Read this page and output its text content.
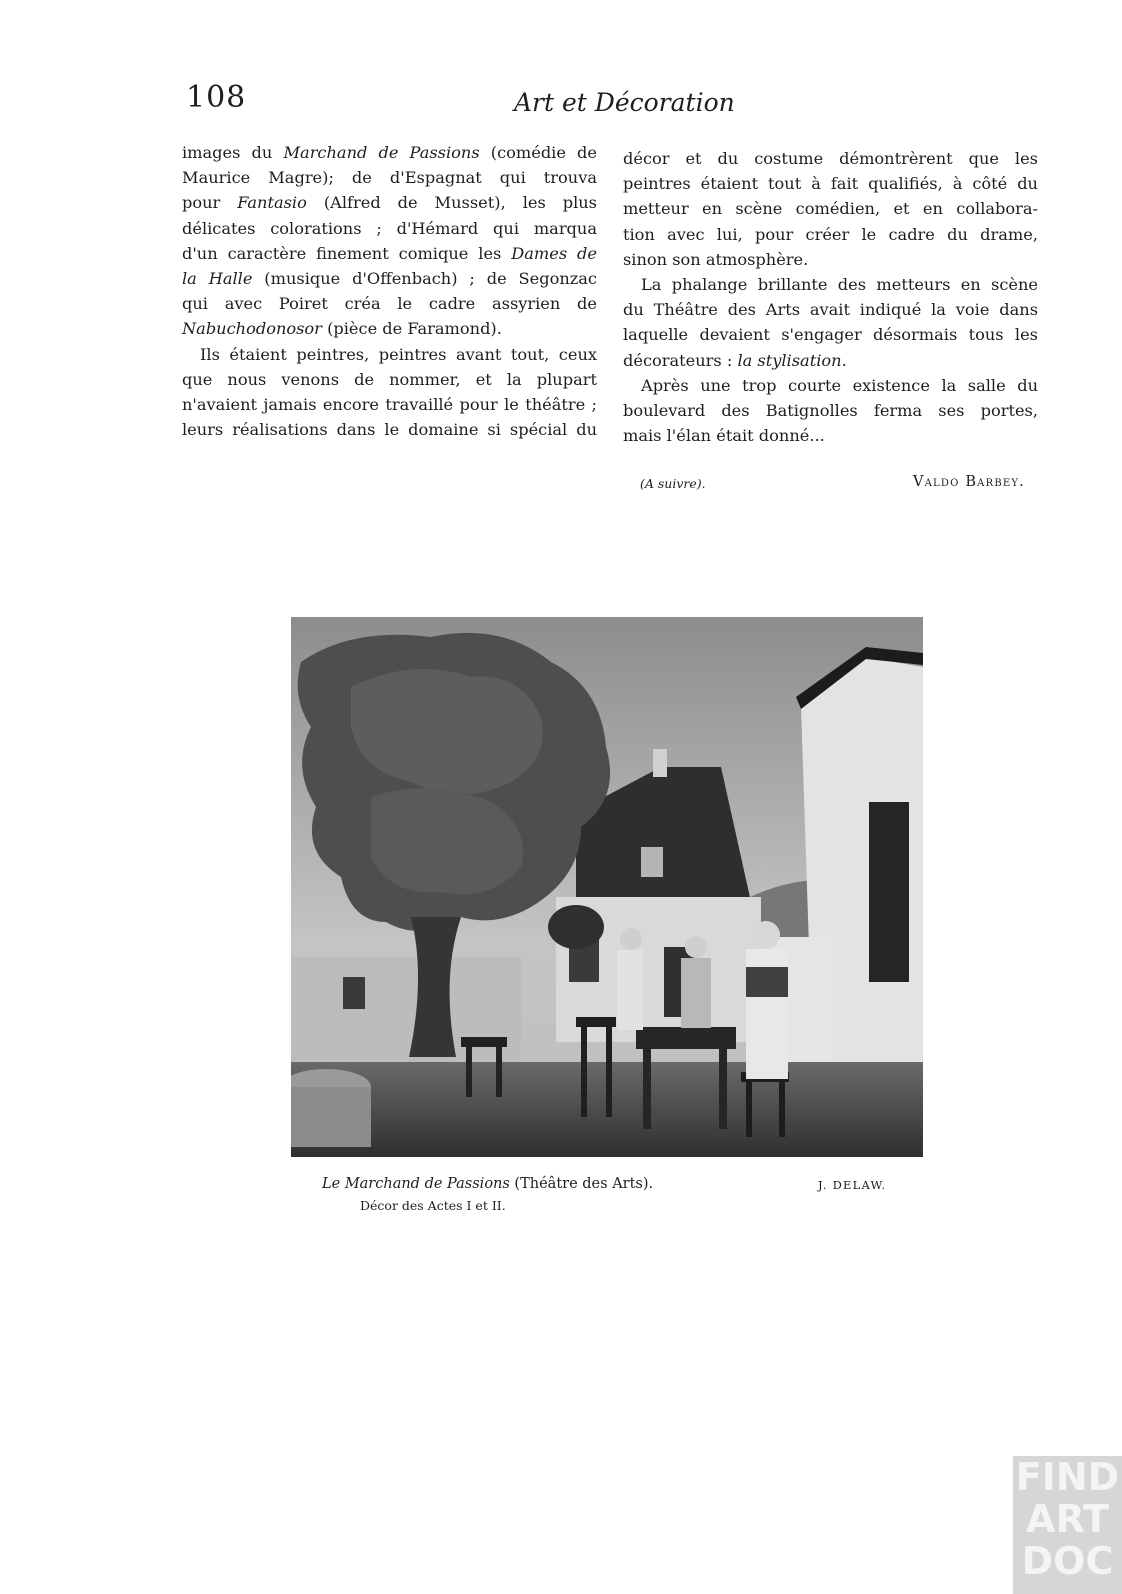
108	Art et Décoration
images du Marchand de Passions (comédie de
Maurice Magre); de d'Espagnat qui trouva
pour Fantasio (Alfred de Musset), les plus
délicates colorations ; d'Hémard qui marqua
d'un caractère finement comique les Dames de
la Halle (musique d'Offenbach) ; de Segonzac
qui avec Poiret créa le cadre assyrien de
Nabuchodonosor (pièce de Faramond).
Ils étaient peintres, peintres avant tout, ceux
que nous venons de nommer, et la plupart
n'avaient jamais encore travaillé pour le théâtre ;
leurs réalisations dans le domaine si spécial du
décor et du costume démontrèrent que les
peintres étaient tout à fait qualifiés, à côté du
metteur en scène comédien, et en collabora-
tion avec lui, pour créer le cadre du drame,
sinon son atmosphère.
La phalange brillante des metteurs en scène
du Théâtre des Arts avait indiqué la voie dans
laquelle devaient s'engager désormais tous les
décorateurs : la stylisation.
Après une trop courte existence la salle du
boulevard des Batignolles ferma ses portes,
mais l'élan était donné...
(A suivre).	Valdo Barbey.
Le Marchand de Passions (Théâtre des Arts).
Décor des Actes I et II.
J. DELAW.
FIND
ART
DOC
